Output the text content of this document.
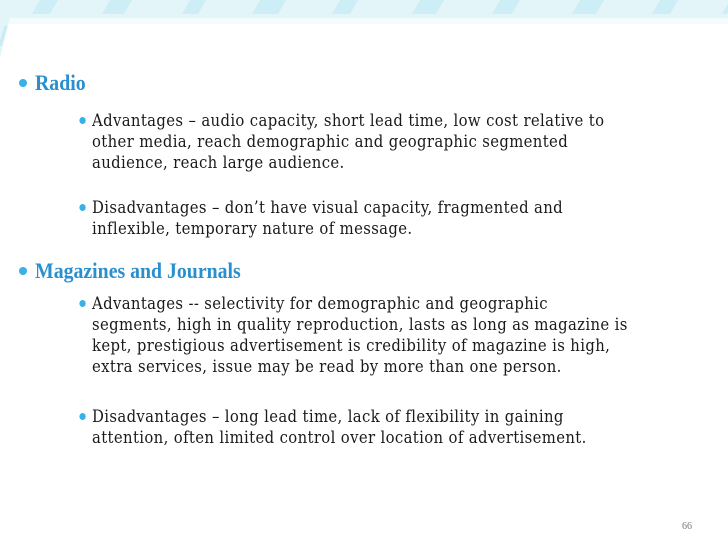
Radio
Advantages – audio capacity, short lead time, low cost relative to
other media, reach demographic and geographic segmented
audience, reach large audience.
Disadvantages – don’t have visual capacity, fragmented and
inflexible, temporary nature of message.
Magazines and Journals
Advantages -- selectivity for demographic and geographic
segments, high in quality reproduction, lasts as long as magazine is
kept, prestigious advertisement is credibility of magazine is high,
extra services, issue may be read by more than one person.
Disadvantages – long lead time, lack of flexibility in gaining
attention, often limited control over location of advertisement.
66
